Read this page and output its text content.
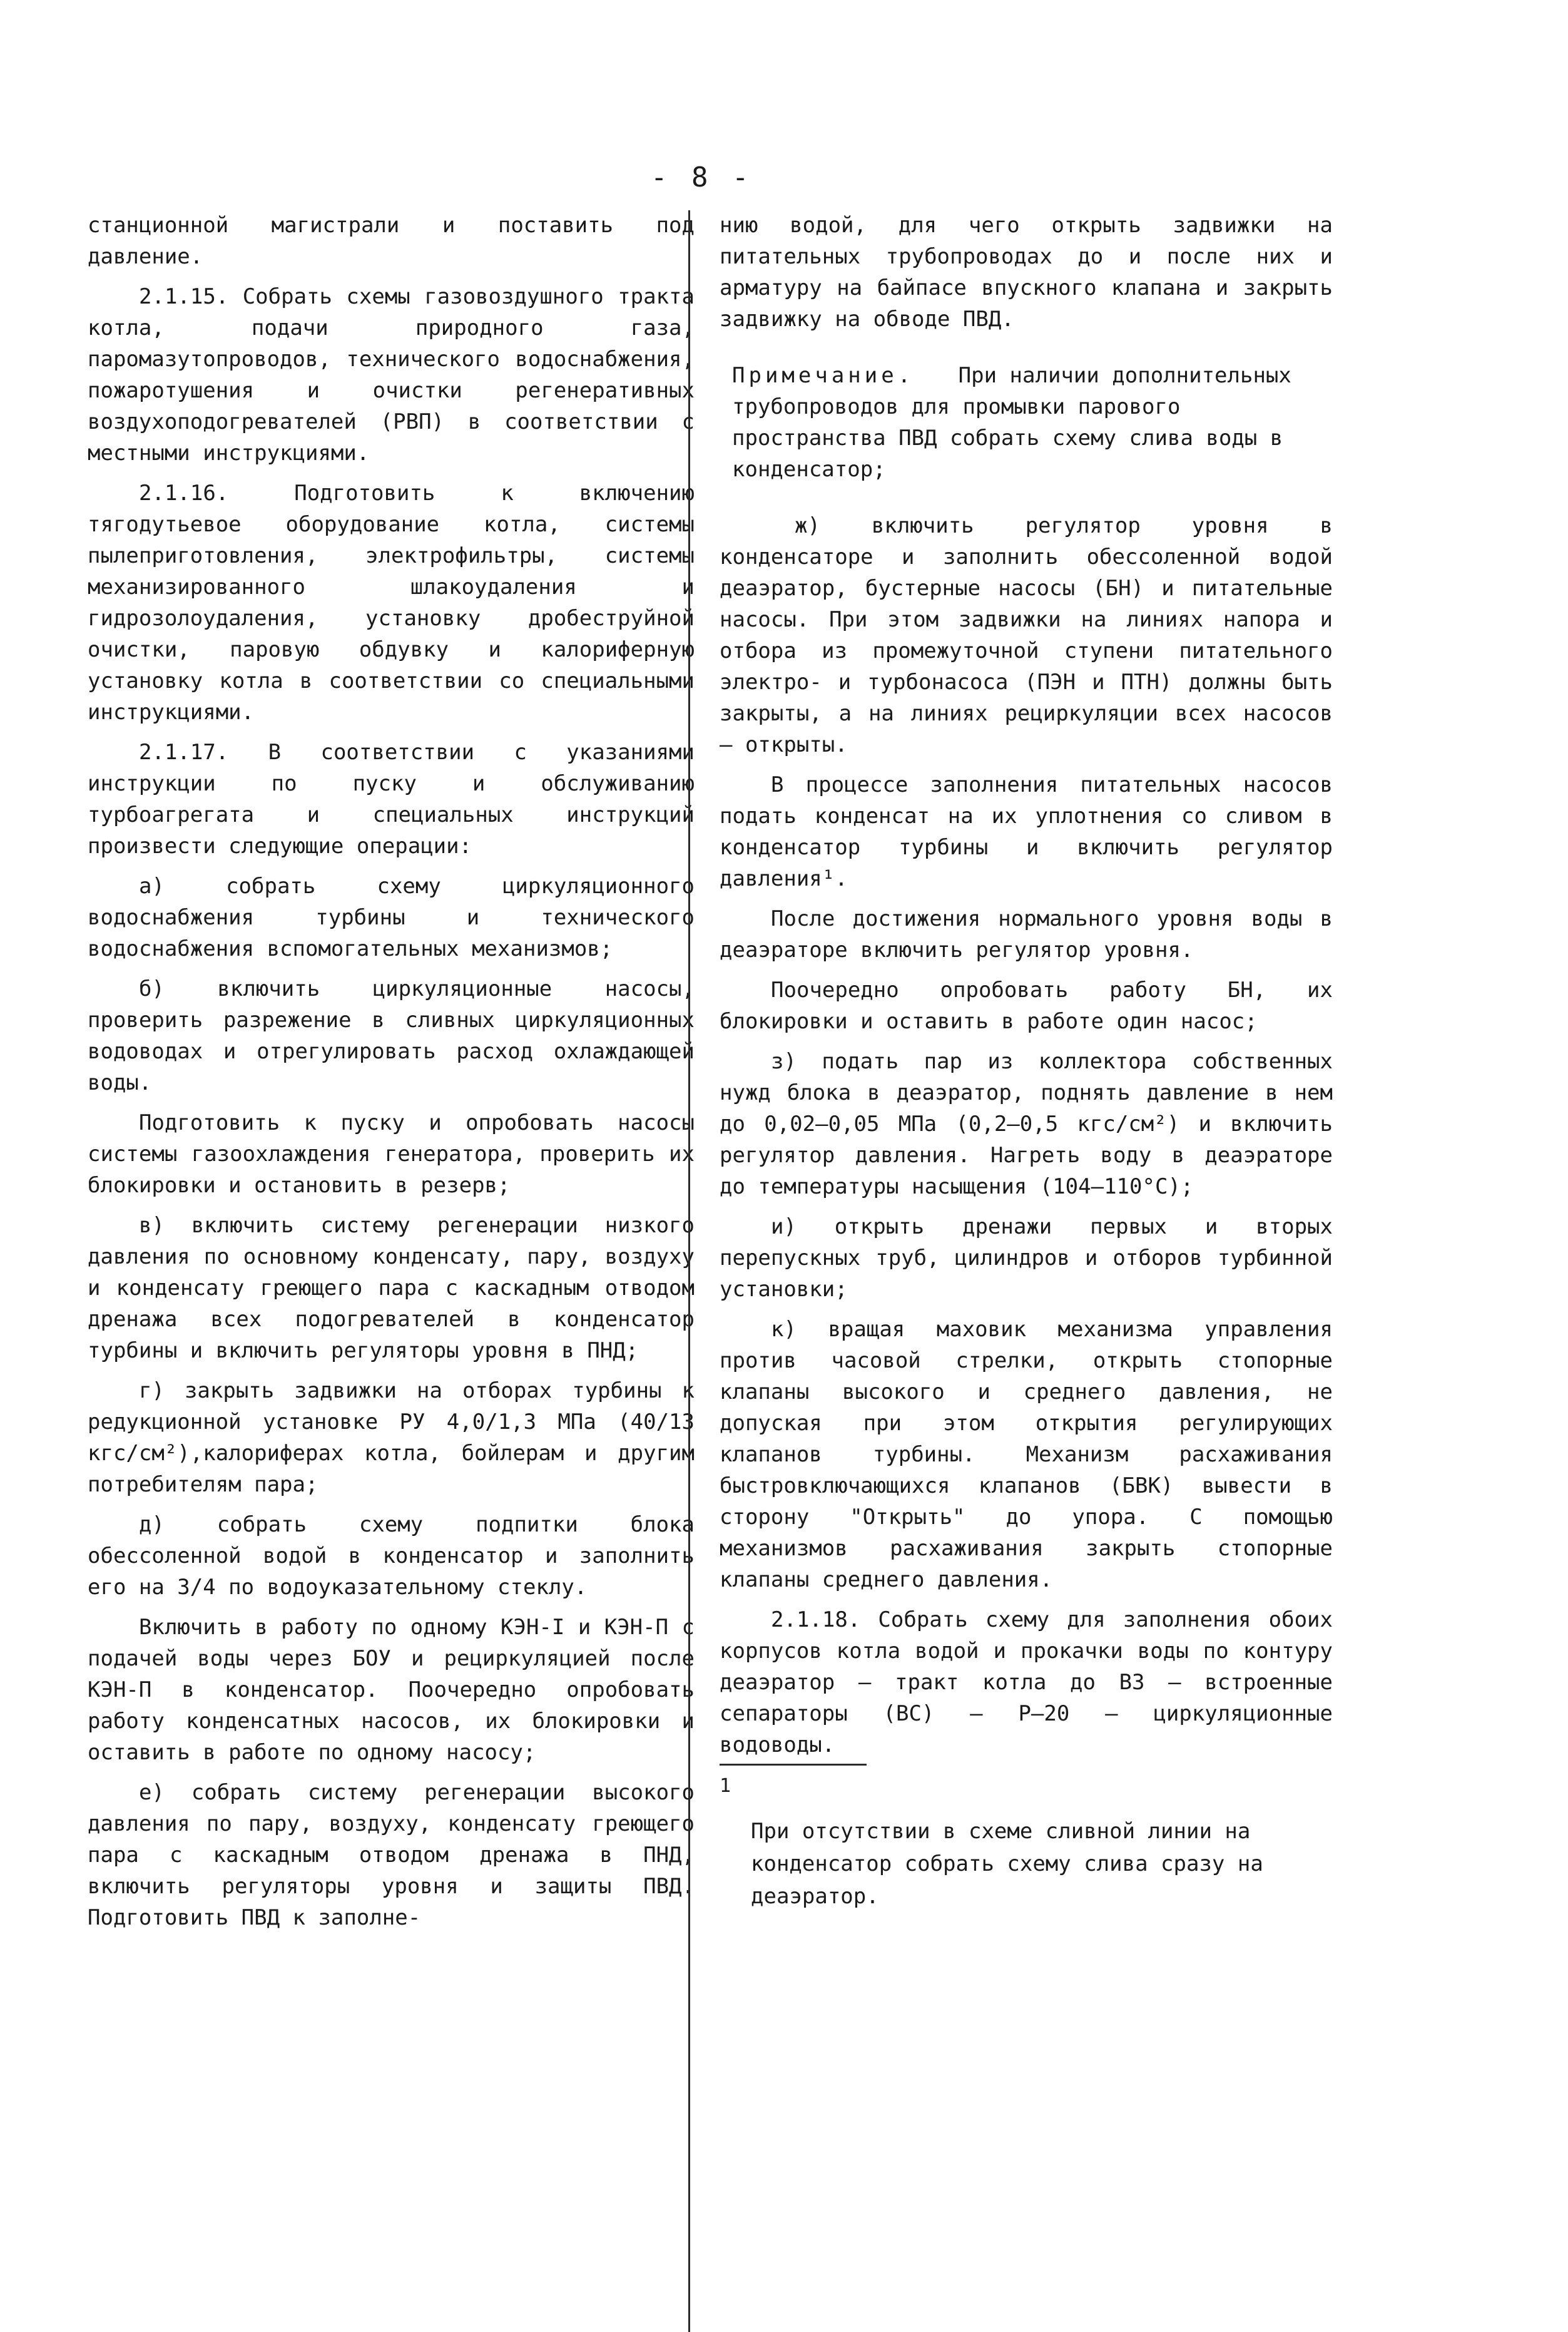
- 8 -

станционной магистрали и поставить под давление.

2.1.15. Собрать схемы газовоздушного тракта котла, подачи природного газа, паромазутопроводов, технического водоснабжения, пожаротушения и очистки регенеративных воздухоподогревателей (РВП) в соответствии с местными инструкциями.

2.1.16. Подготовить к включению тягодутьевое оборудование котла, системы пылеприготовления, электрофильтры, системы механизированного шлакоудаления и гидрозолоудаления, установку дробеструйной очистки, паровую обдувку и калориферную установку котла в соответствии со специальными инструкциями.

2.1.17. В соответствии с указаниями инструкции по пуску и обслуживанию турбоагрегата и специальных инструкций произвести следующие операции:

а) собрать схему циркуляционного водоснабжения турбины и технического водоснабжения вспомогательных механизмов;

б) включить циркуляционные насосы, проверить разрежение в сливных циркуляционных водоводах и отрегулировать расход охлаждающей воды.

Подготовить к пуску и опробовать насосы системы газоохлаждения генератора, проверить их блокировки и остановить в резерв;

в) включить систему регенерации низкого давления по основному конденсату, пару, воздуху и конденсату греющего пара с каскадным отводом дренажа всех подогревателей в конденсатор турбины и включить регуляторы уровня в ПНД;

г) закрыть задвижки на отборах турбины к редукционной установке РУ 4,0/1,3 МПа (40/13 кгс/см²),калориферах котла, бойлерам и другим потребителям пара;

д) собрать схему подпитки блока обессоленной водой в конденсатор и заполнить его на 3/4 по водоуказательному стеклу.

Включить в работу по одному КЭН-I и КЭН-П с подачей воды через БОУ и рециркуляцией после КЭН-П в конденсатор. Поочередно опробовать работу конденсатных насосов, их блокировки и оставить в работе по одному насосу;

е) собрать систему регенерации высокого давления по пару, воздуху, конденсату греющего пара с каскадным отводом дренажа в ПНД, включить регуляторы уровня и защиты ПВД. Подготовить ПВД к заполне-

нию водой, для чего открыть задвижки на питательных трубопроводах до и после них и арматуру на байпасе впускного клапана и закрыть задвижку на обводе ПВД.

Примечание. При наличии дополнительных трубопроводов для промывки парового пространства ПВД собрать схему слива воды в конденсатор;

ж) включить регулятор уровня в конденсаторе и заполнить обессоленной водой деаэратор, бустерные насосы (БН) и питательные насосы. При этом задвижки на линиях напора и отбора из промежуточной ступени питательного электро- и турбонасоса (ПЭН и ПТН) должны быть закрыты, а на линиях рециркуляции всех насосов — открыты.

В процессе заполнения питательных насосов подать конденсат на их уплотнения со сливом в конденсатор турбины и включить регулятор давления¹.

После достижения нормального уровня воды в деаэраторе включить регулятор уровня.

Поочередно опробовать работу БН, их блокировки и оставить в работе один насос;

з) подать пар из коллектора собственных нужд блока в деаэратор, поднять давление в нем до 0,02–0,05 МПа (0,2–0,5 кгс/см²) и включить регулятор давления. Нагреть воду в деаэраторе до температуры насыщения (104–110°С);

и) открыть дренажи первых и вторых перепускных труб, цилиндров и отборов турбинной установки;

к) вращая маховик механизма управления против часовой стрелки, открыть стопорные клапаны высокого и среднего давления, не допуская при этом открытия регулирующих клапанов турбины. Механизм расхаживания быстровключающихся клапанов (БВК) вывести в сторону "Открыть" до упора. С помощью механизмов расхаживания закрыть стопорные клапаны среднего давления.

2.1.18. Собрать схему для заполнения обоих корпусов котла водой и прокачки воды по контуру деаэратор – тракт котла до ВЗ – встроенные сепараторы (ВС) – Р–20 – циркуляционные водоводы.

1
При отсутствии в схеме сливной линии на конденсатор собрать схему слива сразу на деаэратор.
